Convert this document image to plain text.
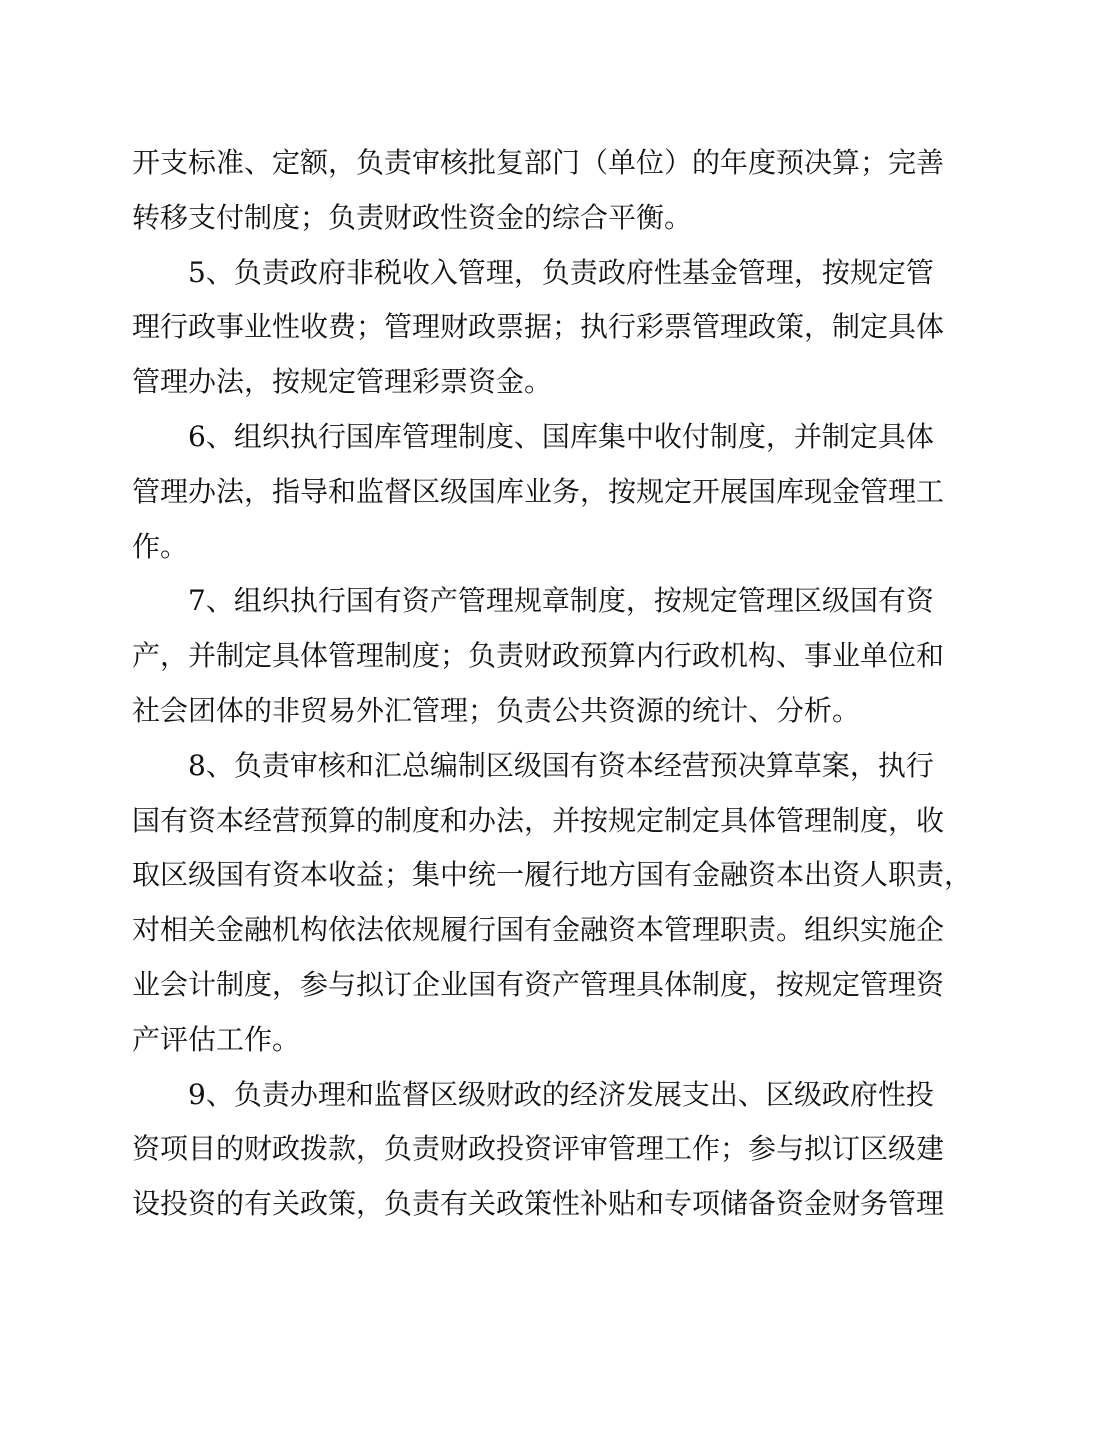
开支标准、定额，负责审核批复部门（单位）的年度预决算；完善
转移支付制度；负责财政性资金的综合平衡。
5、负责政府非税收入管理，负责政府性基金管理，按规定管
理行政事业性收费；管理财政票据；执行彩票管理政策，制定具体
管理办法，按规定管理彩票资金。
6、组织执行国库管理制度、国库集中收付制度，并制定具体
管理办法，指导和监督区级国库业务，按规定开展国库现金管理工
作。
7、组织执行国有资产管理规章制度，按规定管理区级国有资
产，并制定具体管理制度；负责财政预算内行政机构、事业单位和
社会团体的非贸易外汇管理；负责公共资源的统计、分析。
8、负责审核和汇总编制区级国有资本经营预决算草案，执行
国有资本经营预算的制度和办法，并按规定制定具体管理制度，收
取区级国有资本收益；集中统一履行地方国有金融资本出资人职责，
对相关金融机构依法依规履行国有金融资本管理职责。组织实施企
业会计制度，参与拟订企业国有资产管理具体制度，按规定管理资
产评估工作。
9、负责办理和监督区级财政的经济发展支出、区级政府性投
资项目的财政拨款，负责财政投资评审管理工作；参与拟订区级建
设投资的有关政策，负责有关政策性补贴和专项储备资金财务管理
